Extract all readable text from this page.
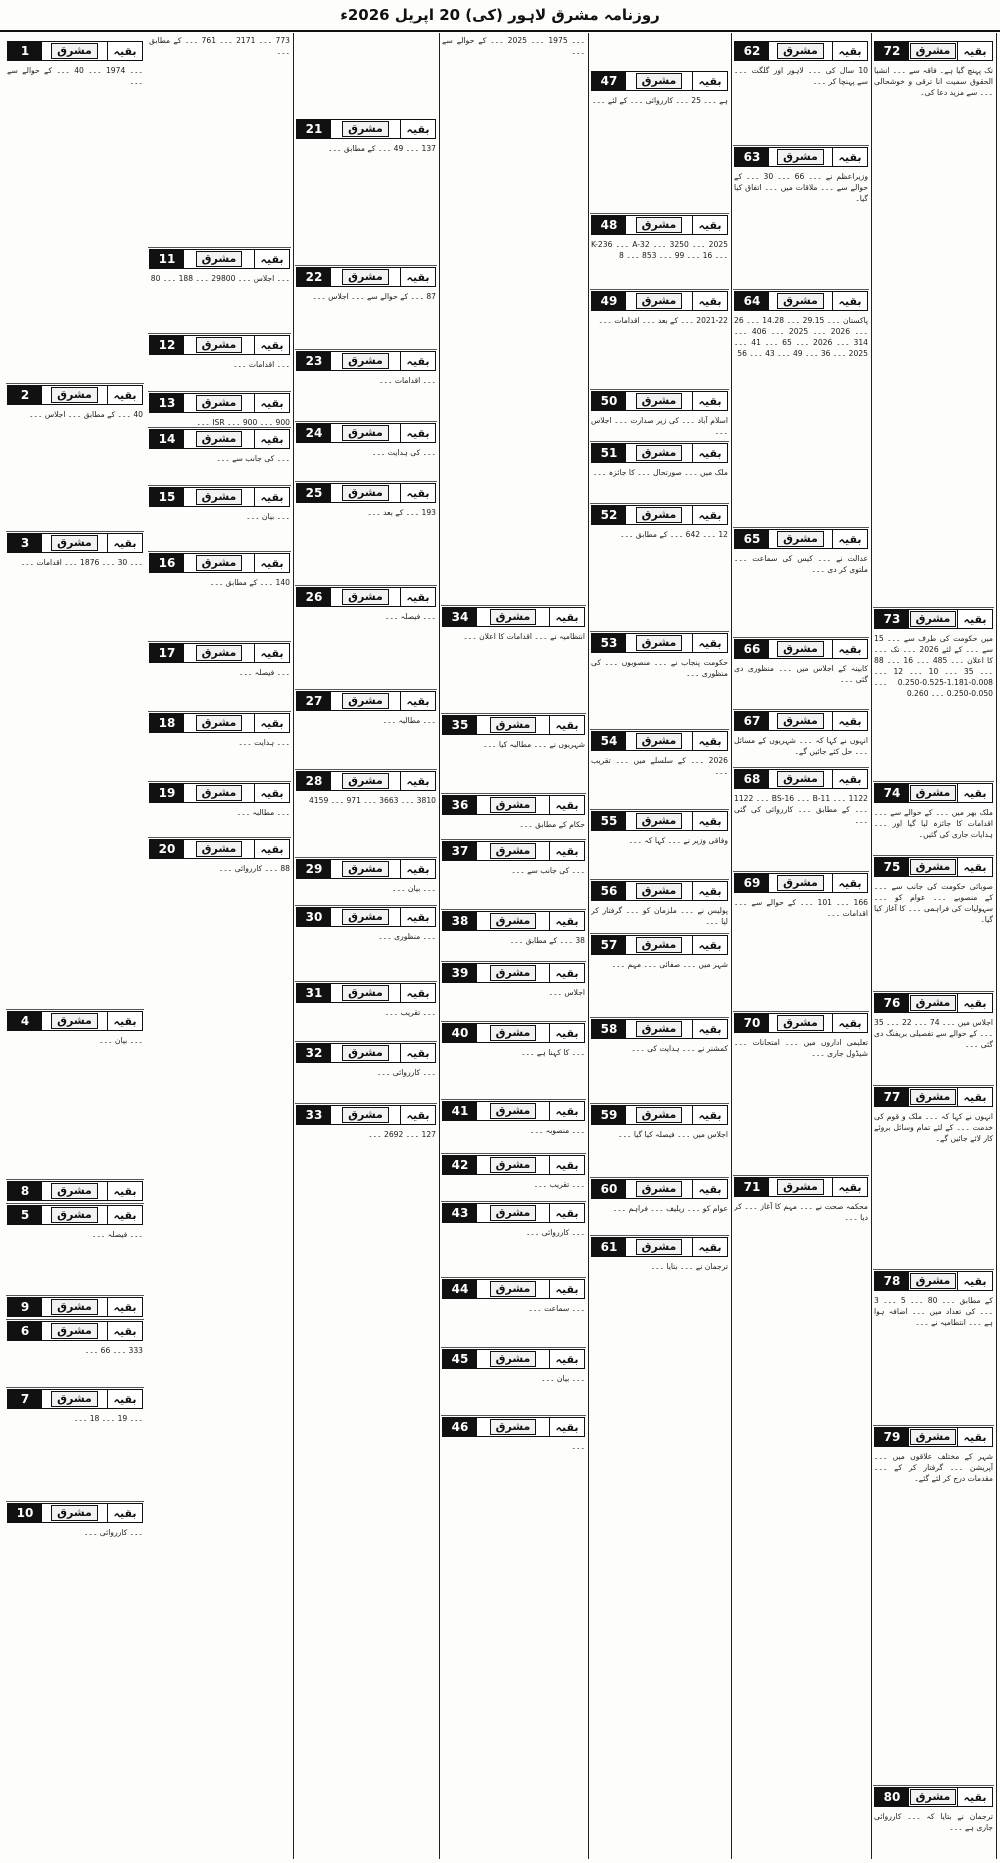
روزنامہ مشرق لاہور (کی) 20 اپریل 2026ء
72	مشرق	بقیہ
تک پہنچ گیا ہے۔ فاقہ سے ۔۔۔ انشیا الحقوق سمیت انا ترقی و خوشحالی ۔۔۔ سے مزید دعا کی۔
73	مشرق	بقیہ
میں حکومت کی طرف سے ۔۔۔ 15 سے ۔۔۔ کے لئے 2026 ۔۔۔ تک ۔۔۔ کا اعلان ۔۔۔ 485 ۔۔۔ 16 ۔۔۔ 88 ۔۔۔ 35 ۔۔۔ 10 ۔۔۔ 12 ۔۔۔ 0.008-1.181-0.525-0.250 ۔۔۔ 0.050-0.250 ۔۔۔ 0.260
74	مشرق	بقیہ
ملک بھر میں ۔۔۔ کے حوالے سے ۔۔۔ اقدامات کا جائزہ لیا گیا اور ۔۔۔ ہدایات جاری کی گئیں۔
75	مشرق	بقیہ
صوبائی حکومت کی جانب سے ۔۔۔ کے منصوبے ۔۔۔ عوام کو ۔۔۔ سہولیات کی فراہمی ۔۔۔ کا آغاز کیا گیا۔
76	مشرق	بقیہ
اجلاس میں ۔۔۔ 74 ۔۔۔ 22 ۔۔۔ 35 ۔۔۔ کے حوالے سے تفصیلی بریفنگ دی گئی ۔۔۔
77	مشرق	بقیہ
انہوں نے کہا کہ ۔۔۔ ملک و قوم کی خدمت ۔۔۔ کے لئے تمام وسائل بروئے کار لائے جائیں گے۔
78	مشرق	بقیہ
کے مطابق ۔۔۔ 80 ۔۔۔ 5 ۔۔۔ 3 ۔۔۔ کی تعداد میں ۔۔۔ اضافہ ہوا ہے ۔۔۔ انتظامیہ نے ۔۔۔
79	مشرق	بقیہ
شہر کے مختلف علاقوں میں ۔۔۔ آپریشن ۔۔۔ گرفتار کر کے ۔۔۔ مقدمات درج کر لئے گئے۔
80	مشرق	بقیہ
ترجمان نے بتایا کہ ۔۔۔ کارروائی جاری ہے ۔۔۔
62	مشرق	بقیہ
10 سال کی ۔۔۔ لاہور اور گلگت ۔۔۔ سے پہنچا کر ۔۔۔
63	مشرق	بقیہ
وزیراعظم نے ۔۔۔ 66 ۔۔۔ 30 ۔۔۔ کے حوالے سے ۔۔۔ ملاقات میں ۔۔۔ اتفاق کیا گیا۔
64	مشرق	بقیہ
پاکستان ۔۔۔ 29.15 ۔۔۔ 14.28 ۔۔۔ 26 ۔۔۔ 2026 ۔۔۔ 2025 ۔۔۔ 406 ۔۔۔ 314 ۔۔۔ 2026 ۔۔۔ 65 ۔۔۔ 41 ۔۔۔ 2025 ۔۔۔ 36 ۔۔۔ 49 ۔۔۔ 43 ۔۔۔ 56
65	مشرق	بقیہ
عدالت نے ۔۔۔ کیس کی سماعت ۔۔۔ ملتوی کر دی ۔۔۔
66	مشرق	بقیہ
کابینہ کے اجلاس میں ۔۔۔ منظوری دی گئی ۔۔۔
67	مشرق	بقیہ
انہوں نے کہا کہ ۔۔۔ شہریوں کے مسائل ۔۔۔ حل کئے جائیں گے۔
68	مشرق	بقیہ
1122 ۔۔۔ 11-B ۔۔۔ 16-BS ۔۔۔ 1122 ۔۔۔ کے مطابق ۔۔۔ کارروائی کی گئی ۔۔۔
69	مشرق	بقیہ
166 ۔۔۔ 101 ۔۔۔ کے حوالے سے ۔۔۔ اقدامات ۔۔۔
70	مشرق	بقیہ
تعلیمی اداروں میں ۔۔۔ امتحانات ۔۔۔ شیڈول جاری ۔۔۔
71	مشرق	بقیہ
محکمہ صحت نے ۔۔۔ مہم کا آغاز ۔۔۔ کر دیا ۔۔۔
47	مشرق	بقیہ
ہے ۔۔۔ 25 ۔۔۔ کارروائی ۔۔۔ کے لئے ۔۔۔
48	مشرق	بقیہ
2025 ۔۔۔ 3250 ۔۔۔ A-32 ۔۔۔ K-236 ۔۔۔ 16 ۔۔۔ 99 ۔۔۔ 853 ۔۔۔ 8
49	مشرق	بقیہ
2021-22 ۔۔۔ کے بعد ۔۔۔ اقدامات ۔۔۔
50	مشرق	بقیہ
اسلام آباد ۔۔۔ کی زیر صدارت ۔۔۔ اجلاس ۔۔۔
51	مشرق	بقیہ
ملک میں ۔۔۔ صورتحال ۔۔۔ کا جائزہ ۔۔۔
52	مشرق	بقیہ
12 ۔۔۔ 642 ۔۔۔ کے مطابق ۔۔۔
53	مشرق	بقیہ
حکومت پنجاب نے ۔۔۔ منصوبوں ۔۔۔ کی منظوری ۔۔۔
54	مشرق	بقیہ
2026 ۔۔۔ کے سلسلے میں ۔۔۔ تقریب ۔۔۔
55	مشرق	بقیہ
وفاقی وزیر نے ۔۔۔ کہا کہ ۔۔۔
56	مشرق	بقیہ
پولیس نے ۔۔۔ ملزمان کو ۔۔۔ گرفتار کر لیا ۔۔۔
57	مشرق	بقیہ
شہر میں ۔۔۔ صفائی ۔۔۔ مہم ۔۔۔
58	مشرق	بقیہ
کمشنر نے ۔۔۔ ہدایت کی ۔۔۔
59	مشرق	بقیہ
اجلاس میں ۔۔۔ فیصلہ کیا گیا ۔۔۔
60	مشرق	بقیہ
عوام کو ۔۔۔ ریلیف ۔۔۔ فراہم ۔۔۔
61	مشرق	بقیہ
ترجمان نے ۔۔۔ بتایا ۔۔۔
۔۔۔ 1975 ۔۔۔ 2025 ۔۔۔ کے حوالے سے ۔۔۔
34	مشرق	بقیہ
انتظامیہ نے ۔۔۔ اقدامات کا اعلان ۔۔۔
35	مشرق	بقیہ
شہریوں نے ۔۔۔ مطالبہ کیا ۔۔۔
36	مشرق	بقیہ
حکام کے مطابق ۔۔۔
37	مشرق	بقیہ
۔۔۔ کی جانب سے ۔۔۔
38	مشرق	بقیہ
38 ۔۔۔ کے مطابق ۔۔۔
39	مشرق	بقیہ
اجلاس ۔۔۔
40	مشرق	بقیہ
۔۔۔ کا کہنا ہے ۔۔۔
41	مشرق	بقیہ
۔۔۔ منصوبہ ۔۔۔
42	مشرق	بقیہ
۔۔۔ تقریب ۔۔۔
43	مشرق	بقیہ
۔۔۔ کارروائی ۔۔۔
44	مشرق	بقیہ
۔۔۔ سماعت ۔۔۔
45	مشرق	بقیہ
۔۔۔ بیان ۔۔۔
46	مشرق	بقیہ
۔۔۔
21	مشرق	بقیہ
137 ۔۔۔ 49 ۔۔۔ کے مطابق ۔۔۔
22	مشرق	بقیہ
87 ۔۔۔ کے حوالے سے ۔۔۔ اجلاس ۔۔۔
23	مشرق	بقیہ
۔۔۔ اقدامات ۔۔۔
24	مشرق	بقیہ
۔۔۔ کی ہدایت ۔۔۔
25	مشرق	بقیہ
193 ۔۔۔ کے بعد ۔۔۔
26	مشرق	بقیہ
۔۔۔ فیصلہ ۔۔۔
27	مشرق	بقیہ
۔۔۔ مطالبہ ۔۔۔
28	مشرق	بقیہ
3810 ۔۔۔ 3663 ۔۔۔ 971 ۔۔۔ 4159
29	مشرق	بقیہ
۔۔۔ بیان ۔۔۔
30	مشرق	بقیہ
۔۔۔ منظوری ۔۔۔
31	مشرق	بقیہ
۔۔۔ تقریب ۔۔۔
32	مشرق	بقیہ
۔۔۔ کارروائی ۔۔۔
33	مشرق	بقیہ
127 ۔۔۔ 2692 ۔۔۔
773 ۔۔۔ 2171 ۔۔۔ 761 ۔۔۔ کے مطابق ۔۔۔
11	مشرق	بقیہ
۔۔۔ اجلاس ۔۔۔ 29800 ۔۔۔ 188 ۔۔۔ 80
12	مشرق	بقیہ
۔۔۔ اقدامات ۔۔۔
13	مشرق	بقیہ
900 ۔۔۔ 900 ۔۔۔ ISR ۔۔۔
14	مشرق	بقیہ
۔۔۔ کی جانب سے ۔۔۔
15	مشرق	بقیہ
۔۔۔ بیان ۔۔۔
16	مشرق	بقیہ
140 ۔۔۔ کے مطابق ۔۔۔
17	مشرق	بقیہ
۔۔۔ فیصلہ ۔۔۔
18	مشرق	بقیہ
۔۔۔ ہدایت ۔۔۔
19	مشرق	بقیہ
۔۔۔ مطالبہ ۔۔۔
20	مشرق	بقیہ
88 ۔۔۔ کارروائی ۔۔۔
1	مشرق	بقیہ
۔۔۔ 1974 ۔۔۔ 40 ۔۔۔ کے حوالے سے ۔۔۔
2	مشرق	بقیہ
40 ۔۔۔ کے مطابق ۔۔۔ اجلاس ۔۔۔
3	مشرق	بقیہ
۔۔۔ 30 ۔۔۔ 1876 ۔۔۔ اقدامات ۔۔۔
4	مشرق	بقیہ
۔۔۔ بیان ۔۔۔
8	مشرق	بقیہ
5	مشرق	بقیہ
۔۔۔ فیصلہ ۔۔۔
9	مشرق	بقیہ
6	مشرق	بقیہ
333 ۔۔۔ 66 ۔۔۔
7	مشرق	بقیہ
۔۔۔ 19 ۔۔۔ 18 ۔۔۔
10	مشرق	بقیہ
۔۔۔ کارروائی ۔۔۔
